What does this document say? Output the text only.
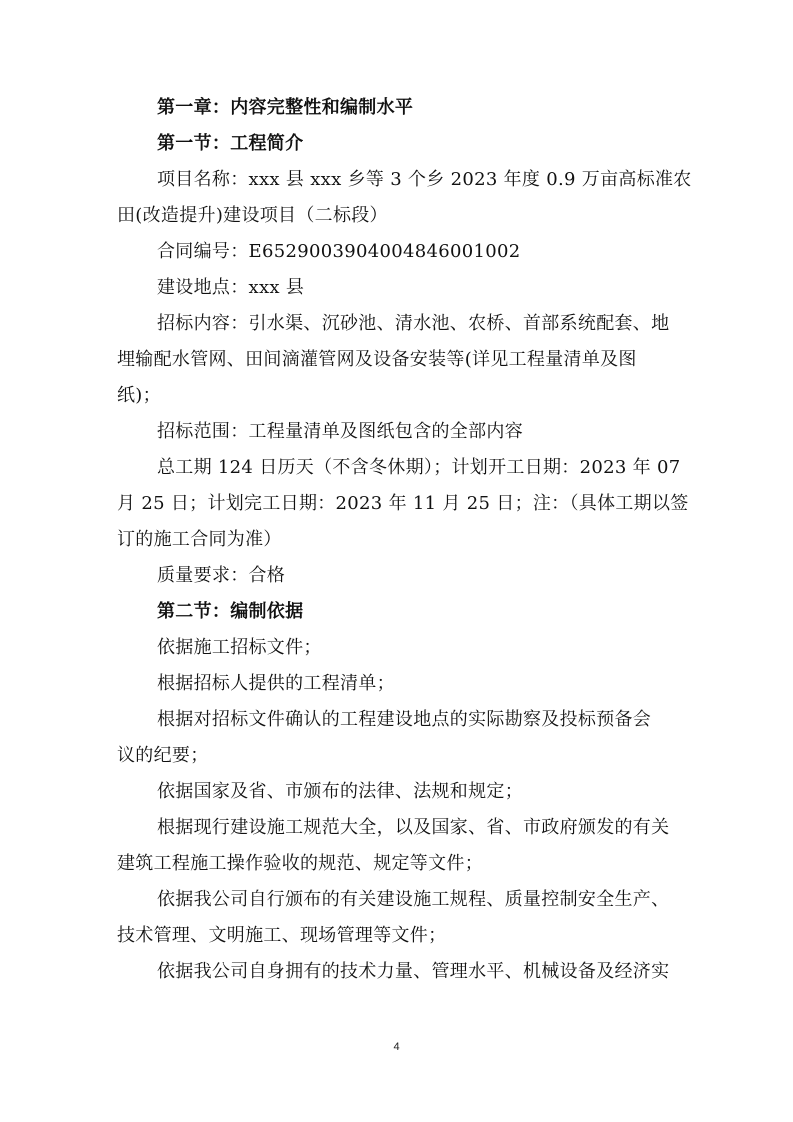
第一章：内容完整性和编制水平
第一节：工程简介
项目名称：xxx 县 xxx 乡等 3 个乡 2023 年度 0.9 万亩高标准农
田(改造提升)建设项目（二标段）
合同编号：E6529003904004846001002
建设地点：xxx 县
招标内容：引水渠、沉砂池、清水池、农桥、首部系统配套、地
埋输配水管网、田间滴灌管网及设备安装等(详见工程量清单及图
纸)；
招标范围：工程量清单及图纸包含的全部内容
总工期 124 日历天（不含冬休期）；计划开工日期：2023 年 07
月 25 日；计划完工日期：2023 年 11 月 25 日；注：（具体工期以签
订的施工合同为准）
质量要求：合格
第二节：编制依据
依据施工招标文件；
根据招标人提供的工程清单；
根据对招标文件确认的工程建设地点的实际勘察及投标预备会
议的纪要；
依据国家及省、市颁布的法律、法规和规定；
根据现行建设施工规范大全，以及国家、省、市政府颁发的有关
建筑工程施工操作验收的规范、规定等文件；
依据我公司自行颁布的有关建设施工规程、质量控制安全生产、
技术管理、文明施工、现场管理等文件；
依据我公司自身拥有的技术力量、管理水平、机械设备及经济实
4
